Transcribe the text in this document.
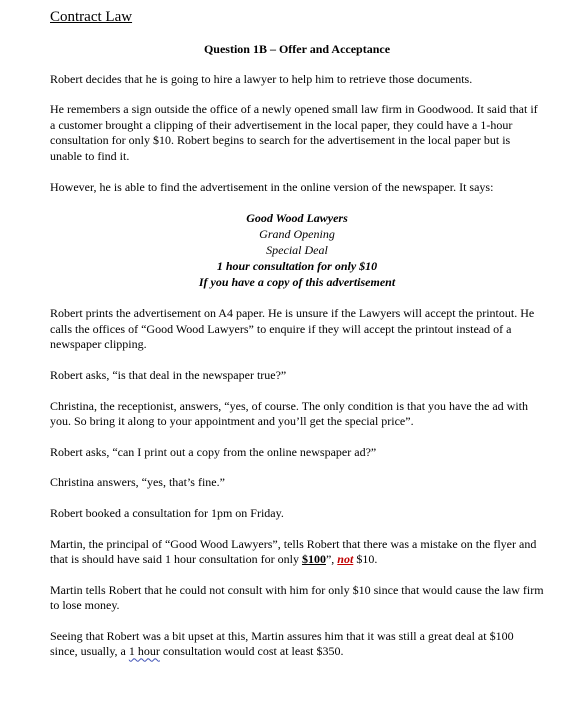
Contract Law
Question 1B – Offer and Acceptance

Robert decides that he is going to hire a lawyer to help him to retrieve those documents.

He remembers a sign outside the office of a newly opened small law firm in Goodwood. It said that if a customer brought a clipping of their advertisement in the local paper, they could have a 1-hour consultation for only $10. Robert begins to search for the advertisement in the local paper but is unable to find it.

However, he is able to find the advertisement in the online version of the newspaper. It says:

Good Wood Lawyers
Grand Opening
Special Deal
1 hour consultation for only $10
If you have a copy of this advertisement

Robert prints the advertisement on A4 paper. He is unsure if the Lawyers will accept the printout. He calls the offices of “Good Wood Lawyers” to enquire if they will accept the printout instead of a newspaper clipping.

Robert asks, “is that deal in the newspaper true?”

Christina, the receptionist, answers, “yes, of course. The only condition is that you have the ad with you. So bring it along to your appointment and you’ll get the special price”.

Robert asks, “can I print out a copy from the online newspaper ad?”

Christina answers, “yes, that’s fine.”

Robert booked a consultation for 1pm on Friday.

Martin, the principal of “Good Wood Lawyers”, tells Robert that there was a mistake on the flyer and that is should have said 1 hour consultation for only $100”, not $10.

Martin tells Robert that he could not consult with him for only $10 since that would cause the law firm to lose money.

Seeing that Robert was a bit upset at this, Martin assures him that it was still a great deal at $100 since, usually, a 1 hour consultation would cost at least $350.
